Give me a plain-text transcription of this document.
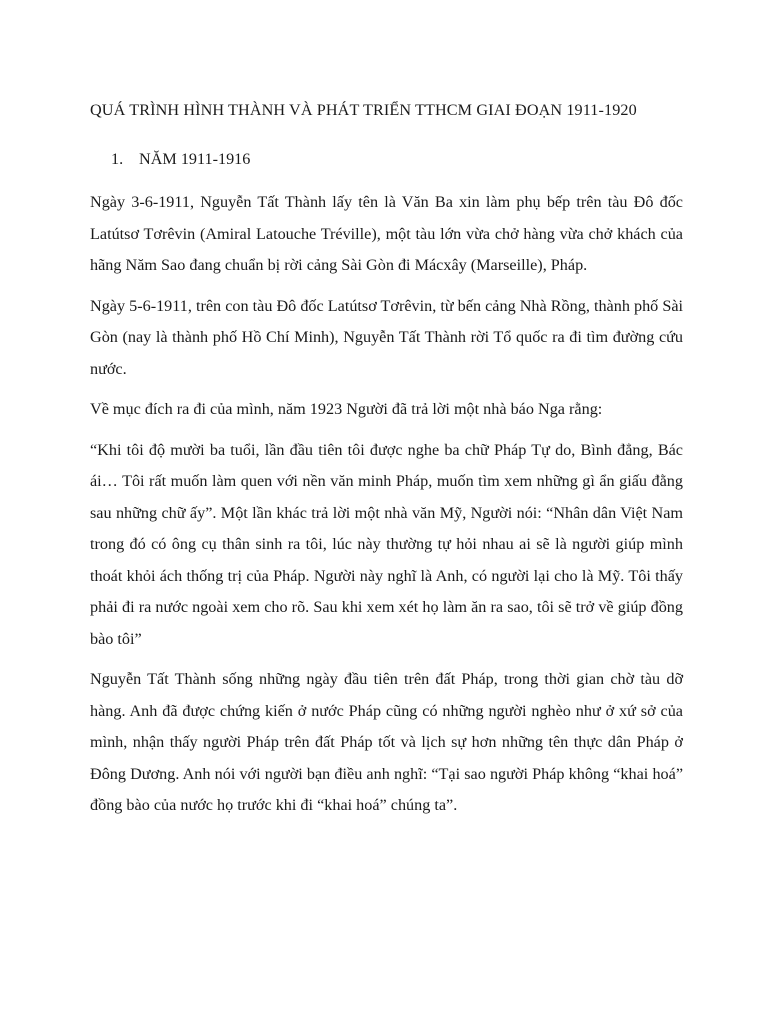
QUÁ TRÌNH HÌNH THÀNH VÀ PHÁT TRIỂN TTHCM GIAI ĐOẠN 1911-1920
1. NĂM 1911-1916

Ngày 3-6-1911, Nguyễn Tất Thành lấy tên là Văn Ba xin làm phụ bếp trên tàu Đô đốc Latútsơ Tơrêvin (Amiral Latouche Tréville), một tàu lớn vừa chở hàng vừa chở khách của hãng Năm Sao đang chuẩn bị rời cảng Sài Gòn đi Mácxây (Marseille), Pháp.

Ngày 5-6-1911, trên con tàu Đô đốc Latútsơ Tơrêvin, từ bến cảng Nhà Rồng, thành phố Sài Gòn (nay là thành phố Hồ Chí Minh), Nguyễn Tất Thành rời Tổ quốc ra đi tìm đường cứu nước.

Về mục đích ra đi của mình, năm 1923 Người đã trả lời một nhà báo Nga rằng:

“Khi tôi độ mười ba tuổi, lần đầu tiên tôi được nghe ba chữ Pháp Tự do, Bình đẳng, Bác ái… Tôi rất muốn làm quen với nền văn minh Pháp, muốn tìm xem những gì ẩn giấu đằng sau những chữ ấy”. Một lần khác trả lời một nhà văn Mỹ, Người nói: “Nhân dân Việt Nam trong đó có ông cụ thân sinh ra tôi, lúc này thường tự hỏi nhau ai sẽ là người giúp mình thoát khỏi ách thống trị của Pháp. Người này nghĩ là Anh, có người lại cho là Mỹ. Tôi thấy phải đi ra nước ngoài xem cho rõ. Sau khi xem xét họ làm ăn ra sao, tôi sẽ trở về giúp đồng bào tôi”

Nguyễn Tất Thành sống những ngày đầu tiên trên đất Pháp, trong thời gian chờ tàu dỡ hàng. Anh đã được chứng kiến ở nước Pháp cũng có những người nghèo như ở xứ sở của mình, nhận thấy người Pháp trên đất Pháp tốt và lịch sự hơn những tên thực dân Pháp ở Đông Dương. Anh nói với người bạn điều anh nghĩ: “Tại sao người Pháp không “khai hoá” đồng bào của nước họ trước khi đi “khai hoá” chúng ta”.
